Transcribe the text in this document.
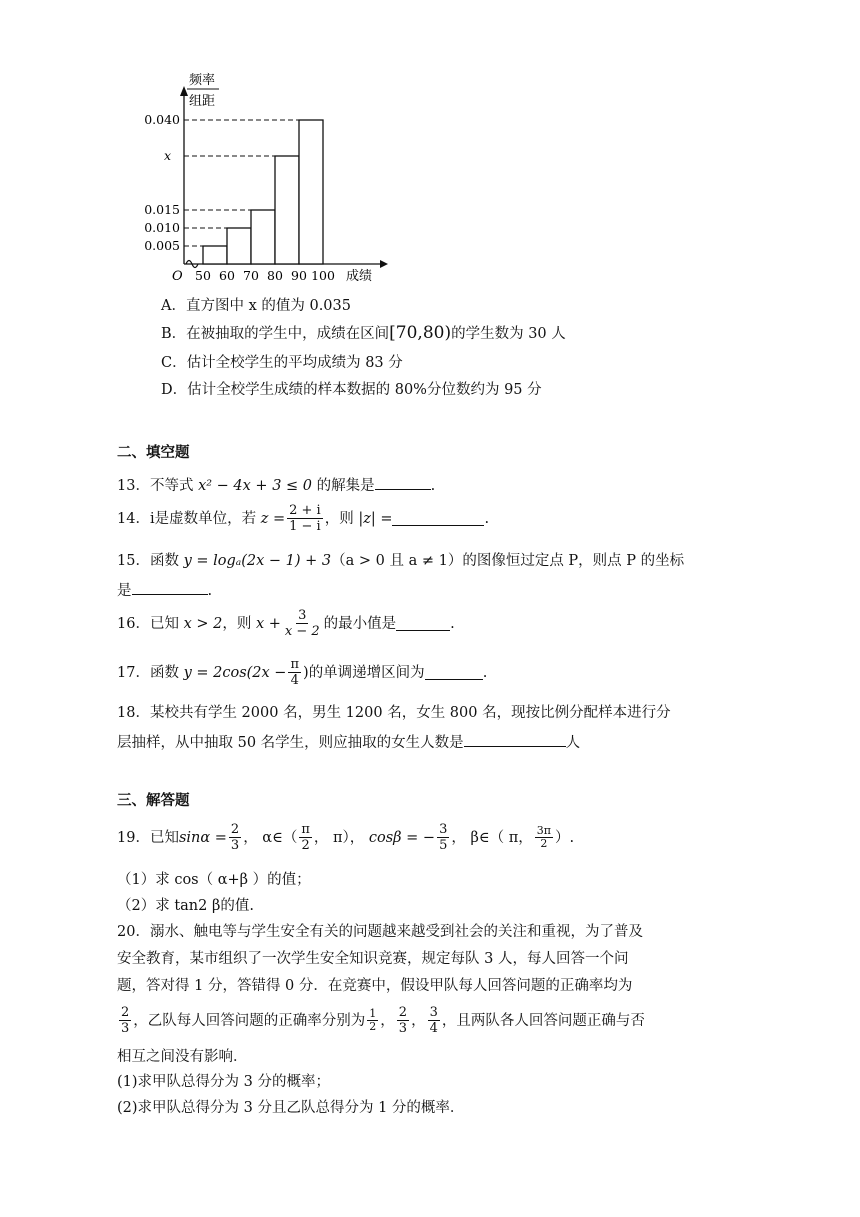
频率
组距
0.005
0.010
0.015
x
0.040
50 60 70 80 90 100
O	成绩
A．直方图中 x 的值为 0.035
B．在被抽取的学生中，成绩在区间[70,80)的学生数为 30 人
C．估计全校学生的平均成绩为 83 分
D．估计全校学生成绩的样本数据的 80%分位数约为 95 分
二、填空题
13．不等式 x² − 4x + 3 ≤ 0 的解集是	.
14． i 是虚数单位，若
$z = \frac{2 + i}{1 - i}$ ，则
|z| =	.
15．函数 y = logₐ(2x − 1) + 3（a > 0 且 a ≠ 1）的图像恒过定点 P，则点 P 的坐标
是	.
16．已知
x > 2 ，则
$x + \frac{3}{x - 2}$ 的最小值是	.
17．函数
$y = 2\cos(2x - \frac{\pi}{4}$ ) 的单调递增区间为	.
18．某校共有学生 2000 名，男生 1200 名，女生 800 名，现按比例分配样本进行分
层抽样，从中抽取 50 名学生，则应抽取的女生人数是	人
三、解答题
19．已知 $\sin\alpha = \frac{2}{3}$ ， α∈（ $\frac{\pi}{2}$ ， π），
cosβ = − $\frac{3}{5}$ ， β∈（ π， $\frac{3\pi}{2}$ ）.
（1）求 cos（ α+β ）的值；
（2）求 tan2 β的值.
20．溺水、触电等与学生安全有关的问题越来越受到社会的关注和重视，为了普及
安全教育，某市组织了一次学生安全知识竞赛，规定每队 3 人，每人回答一个问
题，答对得 1 分，答错得 0 分．在竞赛中，假设甲队每人回答问题的正确率均为
$\frac{2}{3}$ ，乙队每人回答问题的正确率分别为 $\frac{1}{2}$ ， $\frac{2}{3}$ ， $\frac{3}{4}$ ，且两队各人回答问题正确与否
相互之间没有影响．
(1)求甲队总得分为 3 分的概率；
(2)求甲队总得分为 3 分且乙队总得分为 1 分的概率．
